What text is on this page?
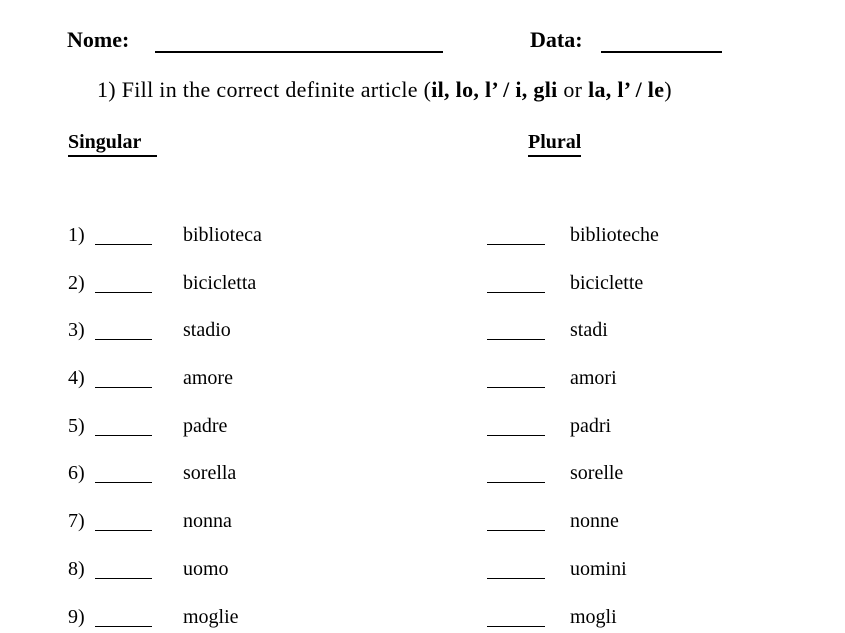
Nome:	Data:
1) Fill in the correct definite article (il, lo, l’ / i, gli or la, l’ / le)
Singular	Plural
1)	biblioteca	biblioteche
2)	bicicletta	biciclette
3)	stadio	stadi
4)	amore	amori
5)	padre	padri
6)	sorella	sorelle
7)	nonna	nonne
8)	uomo	uomini
9)	moglie	mogli
